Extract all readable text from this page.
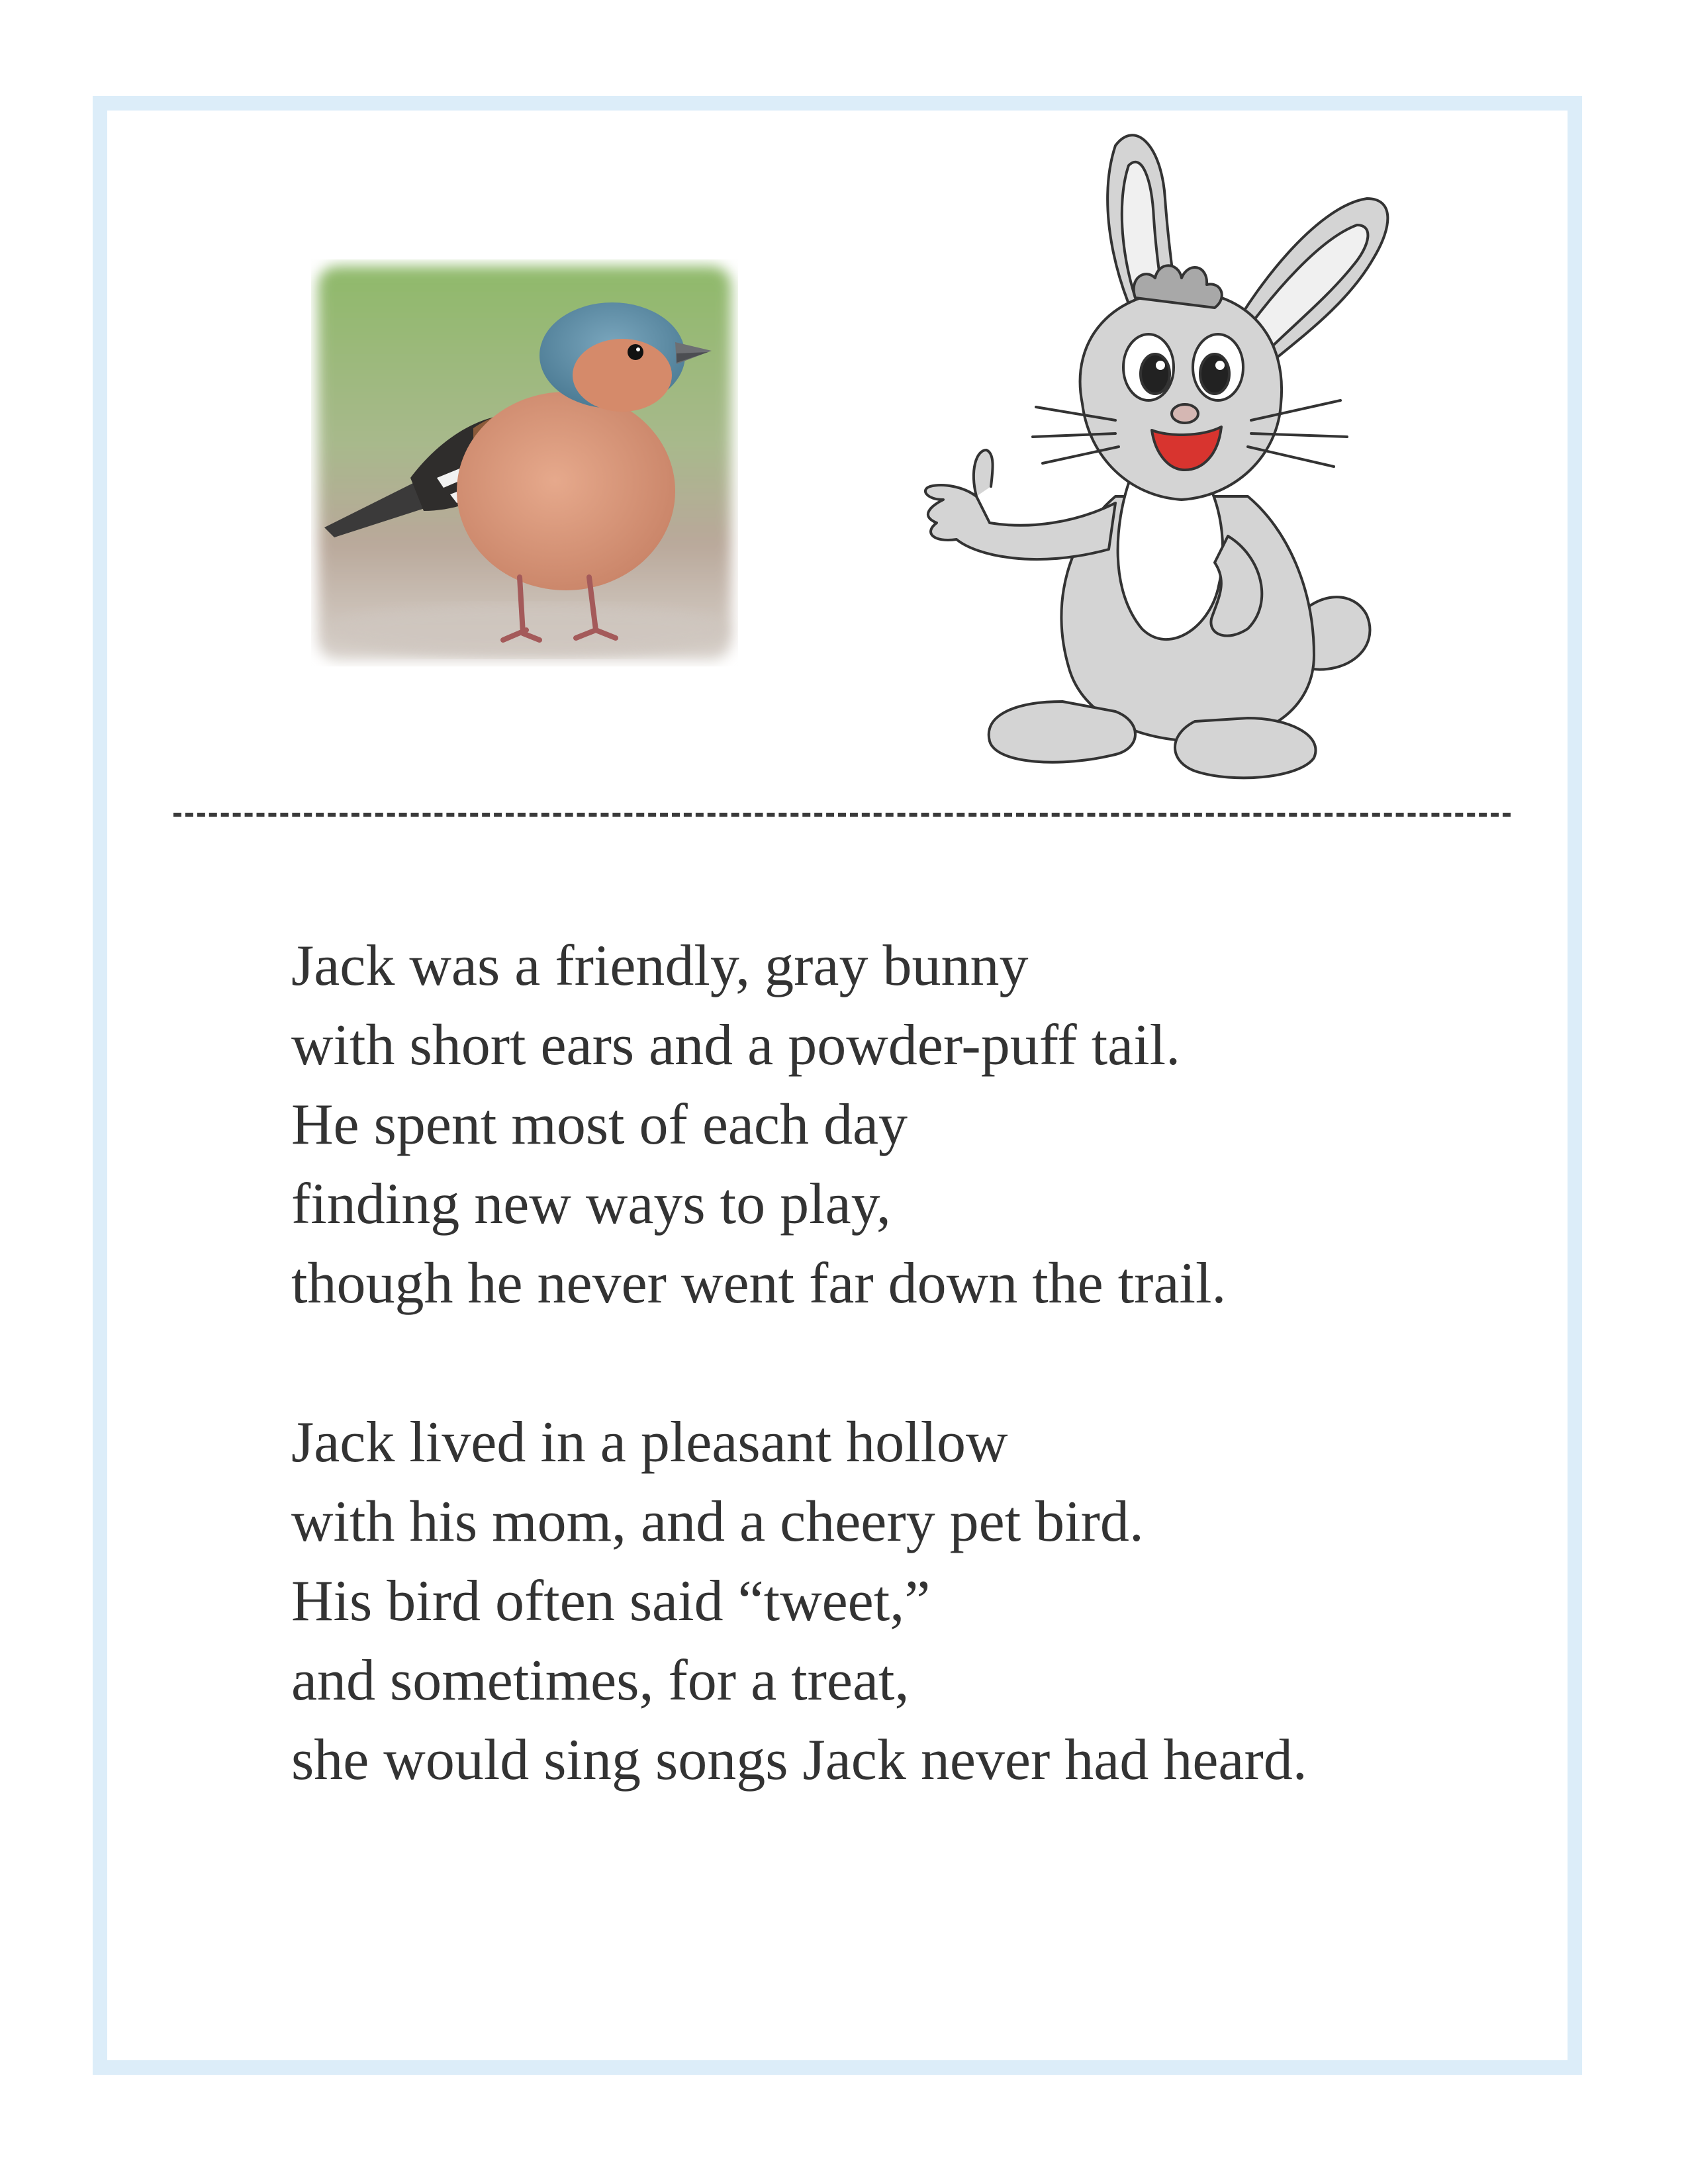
Jack was a friendly, gray bunny
with short ears and a powder-puff tail.
He spent most of each day
finding new ways to play,
though he never went far down the trail.
Jack lived in a pleasant hollow
with his mom, and a cheery pet bird.
His bird often said “tweet,”
and sometimes, for a treat,
she would sing songs Jack never had heard.
